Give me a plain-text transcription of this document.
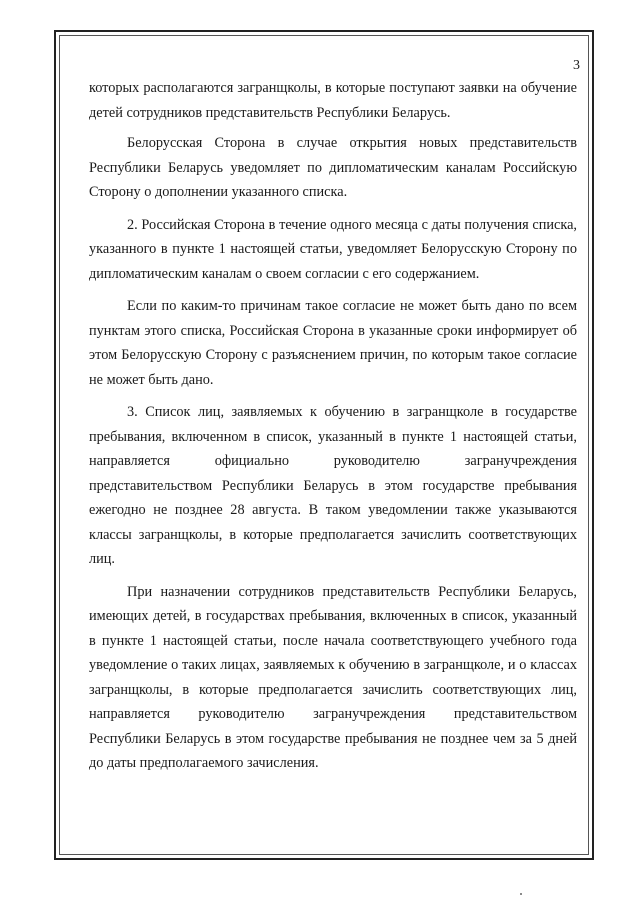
3

которых располагаются загранщколы, в которые поступают заявки на обучение детей сотрудников представительств Республики Беларусь.

Белорусская Сторона в случае открытия новых представительств Республики Беларусь уведомляет по дипломатическим каналам Российскую Сторону о дополнении указанного списка.

2. Российская Сторона в течение одного месяца с даты получения списка, указанного в пункте 1 настоящей статьи, уведомляет Белорусскую Сторону по дипломатическим каналам о своем согласии с его содержанием.

Если по каким-то причинам такое согласие не может быть дано по всем пунктам этого списка, Российская Сторона в указанные сроки информирует об этом Белорусскую Сторону с разъяснением причин, по которым такое согласие не может быть дано.

3. Список лиц, заявляемых к обучению в загранщколе в государстве пребывания, включенном в список, указанный в пункте 1 настоящей статьи, направляется официально руководителю загранучреждения представительством Республики Беларусь в этом государстве пребывания ежегодно не позднее 28 августа. В таком уведомлении также указываются классы загранщколы, в которые предполагается зачислить соответствующих лиц.

При назначении сотрудников представительств Республики Беларусь, имеющих детей, в государствах пребывания, включенных в список, указанный в пункте 1 настоящей статьи, после начала соответствующего учебного года уведомление о таких лицах, заявляемых к обучению в загранщколе, и о классах загранщколы, в которые предполагается зачислить соответствующих лиц, направляется руководителю загранучреждения представительством Республики Беларусь в этом государстве пребывания не позднее чем за 5 дней до даты предполагаемого зачисления.
